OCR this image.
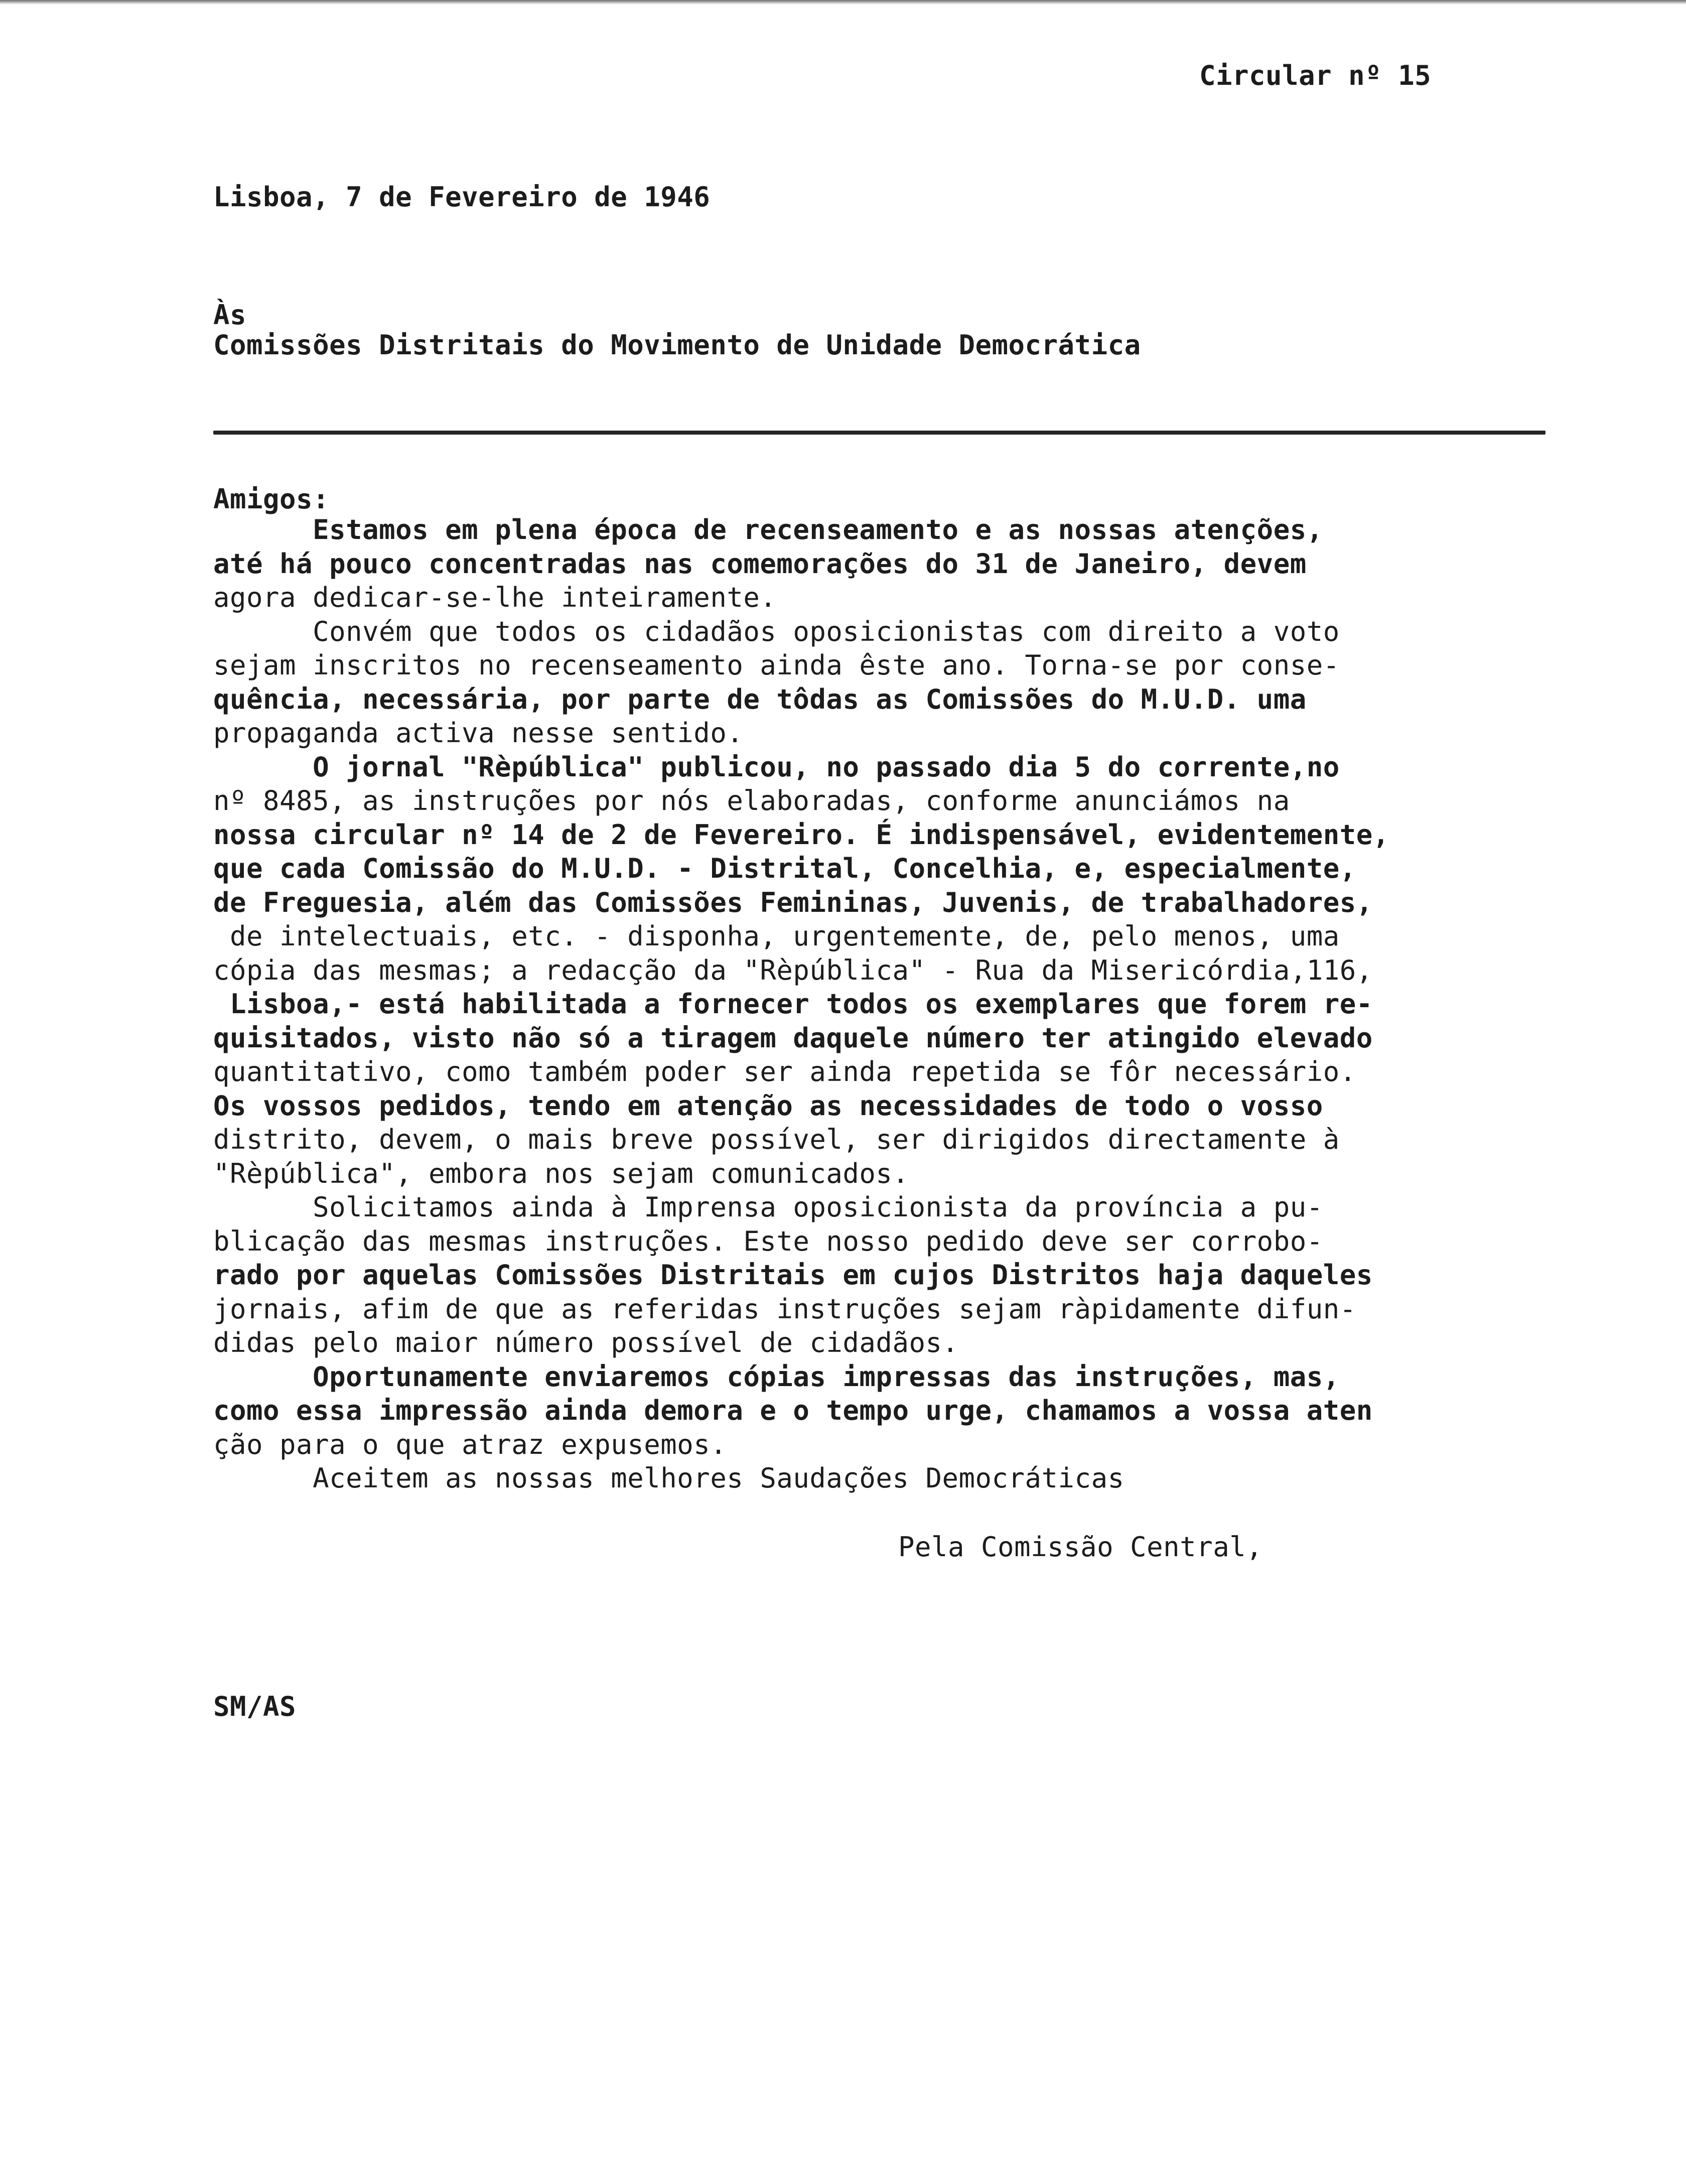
Circular nº 15
Lisboa, 7 de Fevereiro de 1946
Às
Comissões Distritais do Movimento de Unidade Democrática
Amigos:
Estamos em plena época de recenseamento e as nossas atenções,
até há pouco concentradas nas comemorações do 31 de Janeiro, devem
agora dedicar-se-lhe inteiramente.
Convém que todos os cidadãos oposicionistas com direito a voto
sejam inscritos no recenseamento ainda êste ano. Torna-se por conse-
quência, necessária, por parte de tôdas as Comissões do M.U.D. uma
propaganda activa nesse sentido.
O jornal "Rèpública" publicou, no passado dia 5 do corrente,no
nº 8485, as instruções por nós elaboradas, conforme anunciámos na
nossa circular nº 14 de 2 de Fevereiro. É indispensável, evidentemente,
que cada Comissão do M.U.D. - Distrital, Concelhia, e, especialmente,
de Freguesia, além das Comissões Femininas, Juvenis, de trabalhadores,
de intelectuais, etc. - disponha, urgentemente, de, pelo menos, uma
cópia das mesmas; a redacção da "Rèpública" - Rua da Misericórdia,116,
Lisboa,- está habilitada a fornecer todos os exemplares que forem re-
quisitados, visto não só a tiragem daquele número ter atingido elevado
quantitativo, como também poder ser ainda repetida se fôr necessário.
Os vossos pedidos, tendo em atenção as necessidades de todo o vosso
distrito, devem, o mais breve possível, ser dirigidos directamente à
"Rèpública", embora nos sejam comunicados.
Solicitamos ainda à Imprensa oposicionista da província a pu-
blicação das mesmas instruções. Este nosso pedido deve ser corrobo-
rado por aquelas Comissões Distritais em cujos Distritos haja daqueles
jornais, afim de que as referidas instruções sejam ràpidamente difun-
didas pelo maior número possível de cidadãos.
Oportunamente enviaremos cópias impressas das instruções, mas,
como essa impressão ainda demora e o tempo urge, chamamos a vossa aten
ção para o que atraz expusemos.
Aceitem as nossas melhores Saudações Democráticas
Pela Comissão Central,
SM/AS
